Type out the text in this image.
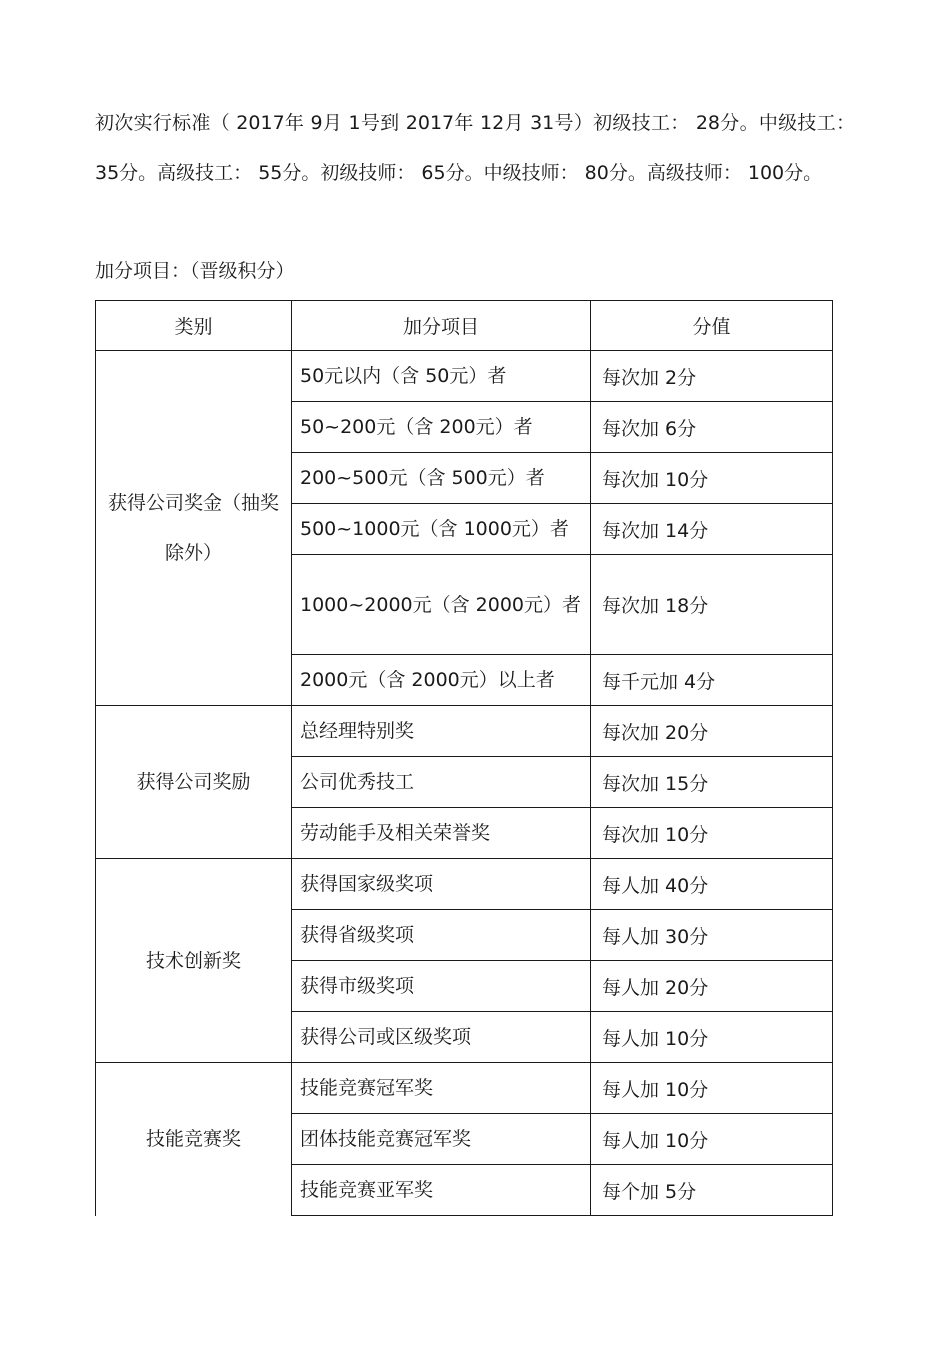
初次实行标准（ 2017年 9月 1号到 2017年 12月 31号）初级技工： 28分。中级技工： 35分。高级技工： 55分。初级技师： 65分。中级技师： 80分。高级技师： 100分。

加分项目：（晋级积分）

类别	加分项目	分值
获得公司奖金（抽奖除外）	50元以内（含 50元）者	每次加 2分
	50~200元（含 200元）者	每次加 6分
	200~500元（含 500元）者	每次加 10分
	500~1000元（含 1000元）者	每次加 14分
	1000~2000元（含 2000元）者	每次加 18分
	2000元（含 2000元）以上者	每千元加 4分
获得公司奖励	总经理特别奖	每次加 20分
	公司优秀技工	每次加 15分
	劳动能手及相关荣誉奖	每次加 10分
技术创新奖	获得国家级奖项	每人加 40分
	获得省级奖项	每人加 30分
	获得市级奖项	每人加 20分
	获得公司或区级奖项	每人加 10分
技能竞赛奖	技能竞赛冠军奖	每人加 10分
	团体技能竞赛冠军奖	每人加 10分
	技能竞赛亚军奖	每个加 5分
